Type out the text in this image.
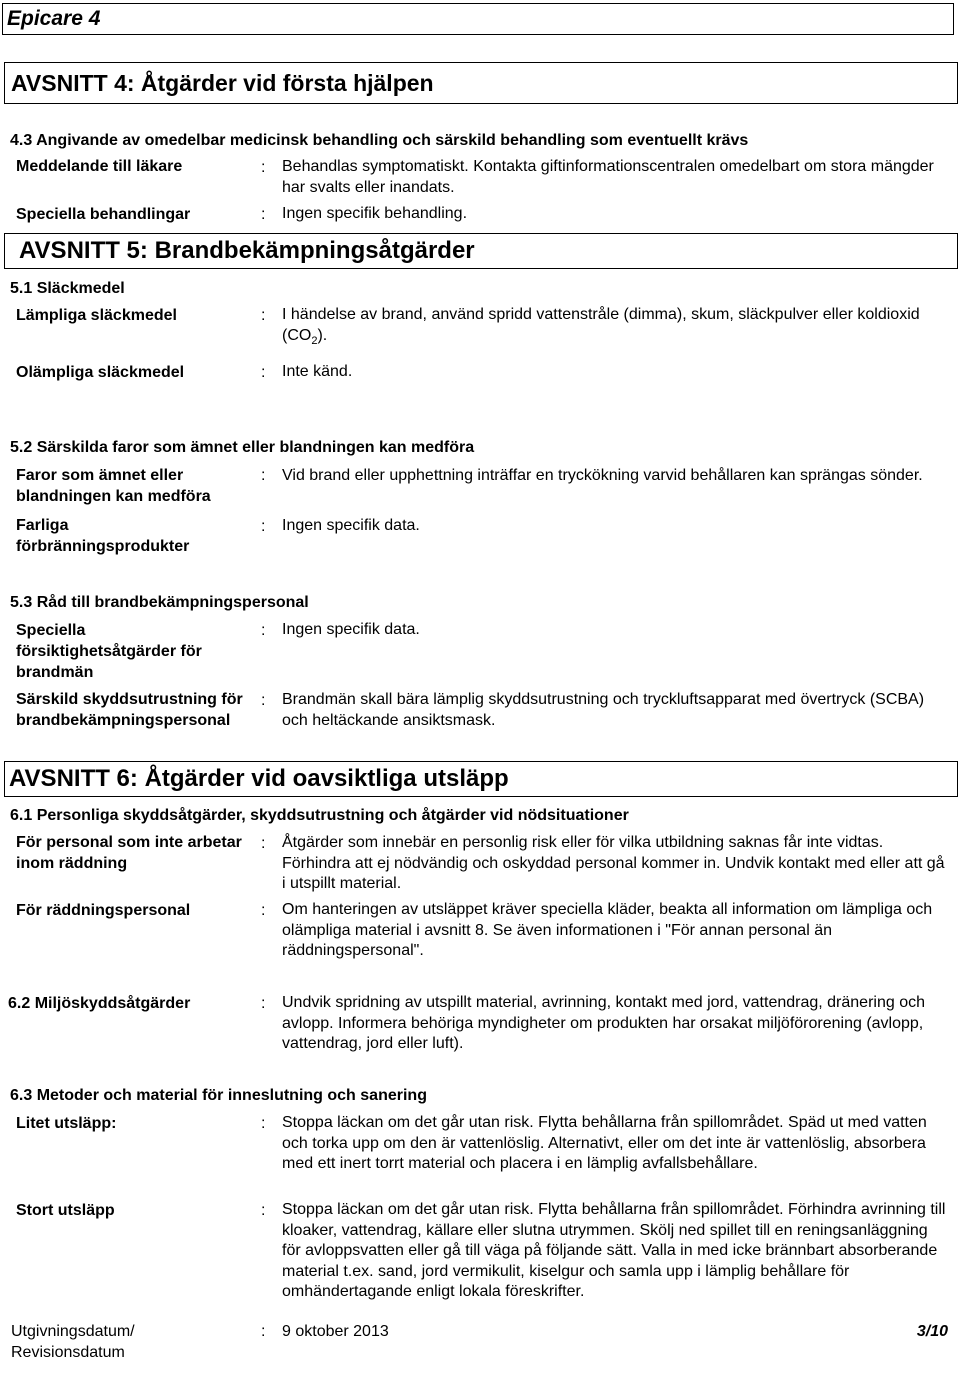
Epicare 4
AVSNITT 4: Åtgärder vid första hjälpen
4.3 Angivande av omedelbar medicinsk behandling och särskild behandling som eventuellt krävs
Meddelande till läkare	: Behandlas symptomatiskt. Kontakta giftinformationscentralen omedelbart om stora mängder har svalts eller inandats.
Speciella behandlingar	: Ingen specifik behandling.
AVSNITT 5: Brandbekämpningsåtgärder
5.1 Släckmedel
Lämpliga släckmedel	: I händelse av brand, använd spridd vattenstråle (dimma), skum, släckpulver eller koldioxid $(CO_2)$.
Olämpliga släckmedel	: Inte känd.
5.2 Särskilda faror som ämnet eller blandningen kan medföra
Faror som ämnet eller blandningen kan medföra
: Vid brand eller upphettning inträffar en tryckökning varvid behållaren kan sprängas sönder.
Farliga förbränningsprodukter
: Ingen specifik data.
5.3 Råd till brandbekämpningspersonal
Speciella försiktighetsåtgärder för brandmän
: Ingen specifik data.
Särskild skyddsutrustning för brandbekämpningspersonal
: Brandmän skall bära lämplig skyddsutrustning och tryckluftsapparat med övertryck (SCBA) och heltäckande ansiktsmask.
AVSNITT 6: Åtgärder vid oavsiktliga utsläpp
6.1 Personliga skyddsåtgärder, skyddsutrustning och åtgärder vid nödsituationer
För personal som inte arbetar inom räddning
: Åtgärder som innebär en personlig risk eller för vilka utbildning saknas får inte vidtas. Förhindra att ej nödvändig och oskyddad personal kommer in. Undvik kontakt med eller att gå i utspillt material.
För räddningspersonal	: Om hanteringen av utsläppet kräver speciella kläder, beakta all information om lämpliga och olämpliga material i avsnitt 8. Se även informationen i "För annan personal än räddningspersonal".
6.2 Miljöskyddsåtgärder	: Undvik spridning av utspillt material, avrinning, kontakt med jord, vattendrag, dränering och avlopp. Informera behöriga myndigheter om produkten har orsakat miljöförorening (avlopp, vattendrag, jord eller luft).
6.3 Metoder och material för inneslutning och sanering
Litet utsläpp:	: Stoppa läckan om det går utan risk. Flytta behållarna från spillområdet. Späd ut med vatten och torka upp om den är vattenlöslig. Alternativt, eller om det inte är vattenlöslig, absorbera med ett inert torrt material och placera i en lämplig avfallsbehållare.
Stort utsläpp	: Stoppa läckan om det går utan risk. Flytta behållarna från spillområdet. Förhindra avrinning till kloaker, vattendrag, källare eller slutna utrymmen. Skölj ned spillet till en reningsanläggning för avloppsvatten eller gå till väga på följande sätt. Valla in med icke brännbart absorberande material t.ex. sand, jord vermikulit, kiselgur och samla upp i lämplig behållare för omhändertagande enligt lokala föreskrifter.
Utgivningsdatum/ Revisionsdatum
: 9 oktober 2013	3/10
